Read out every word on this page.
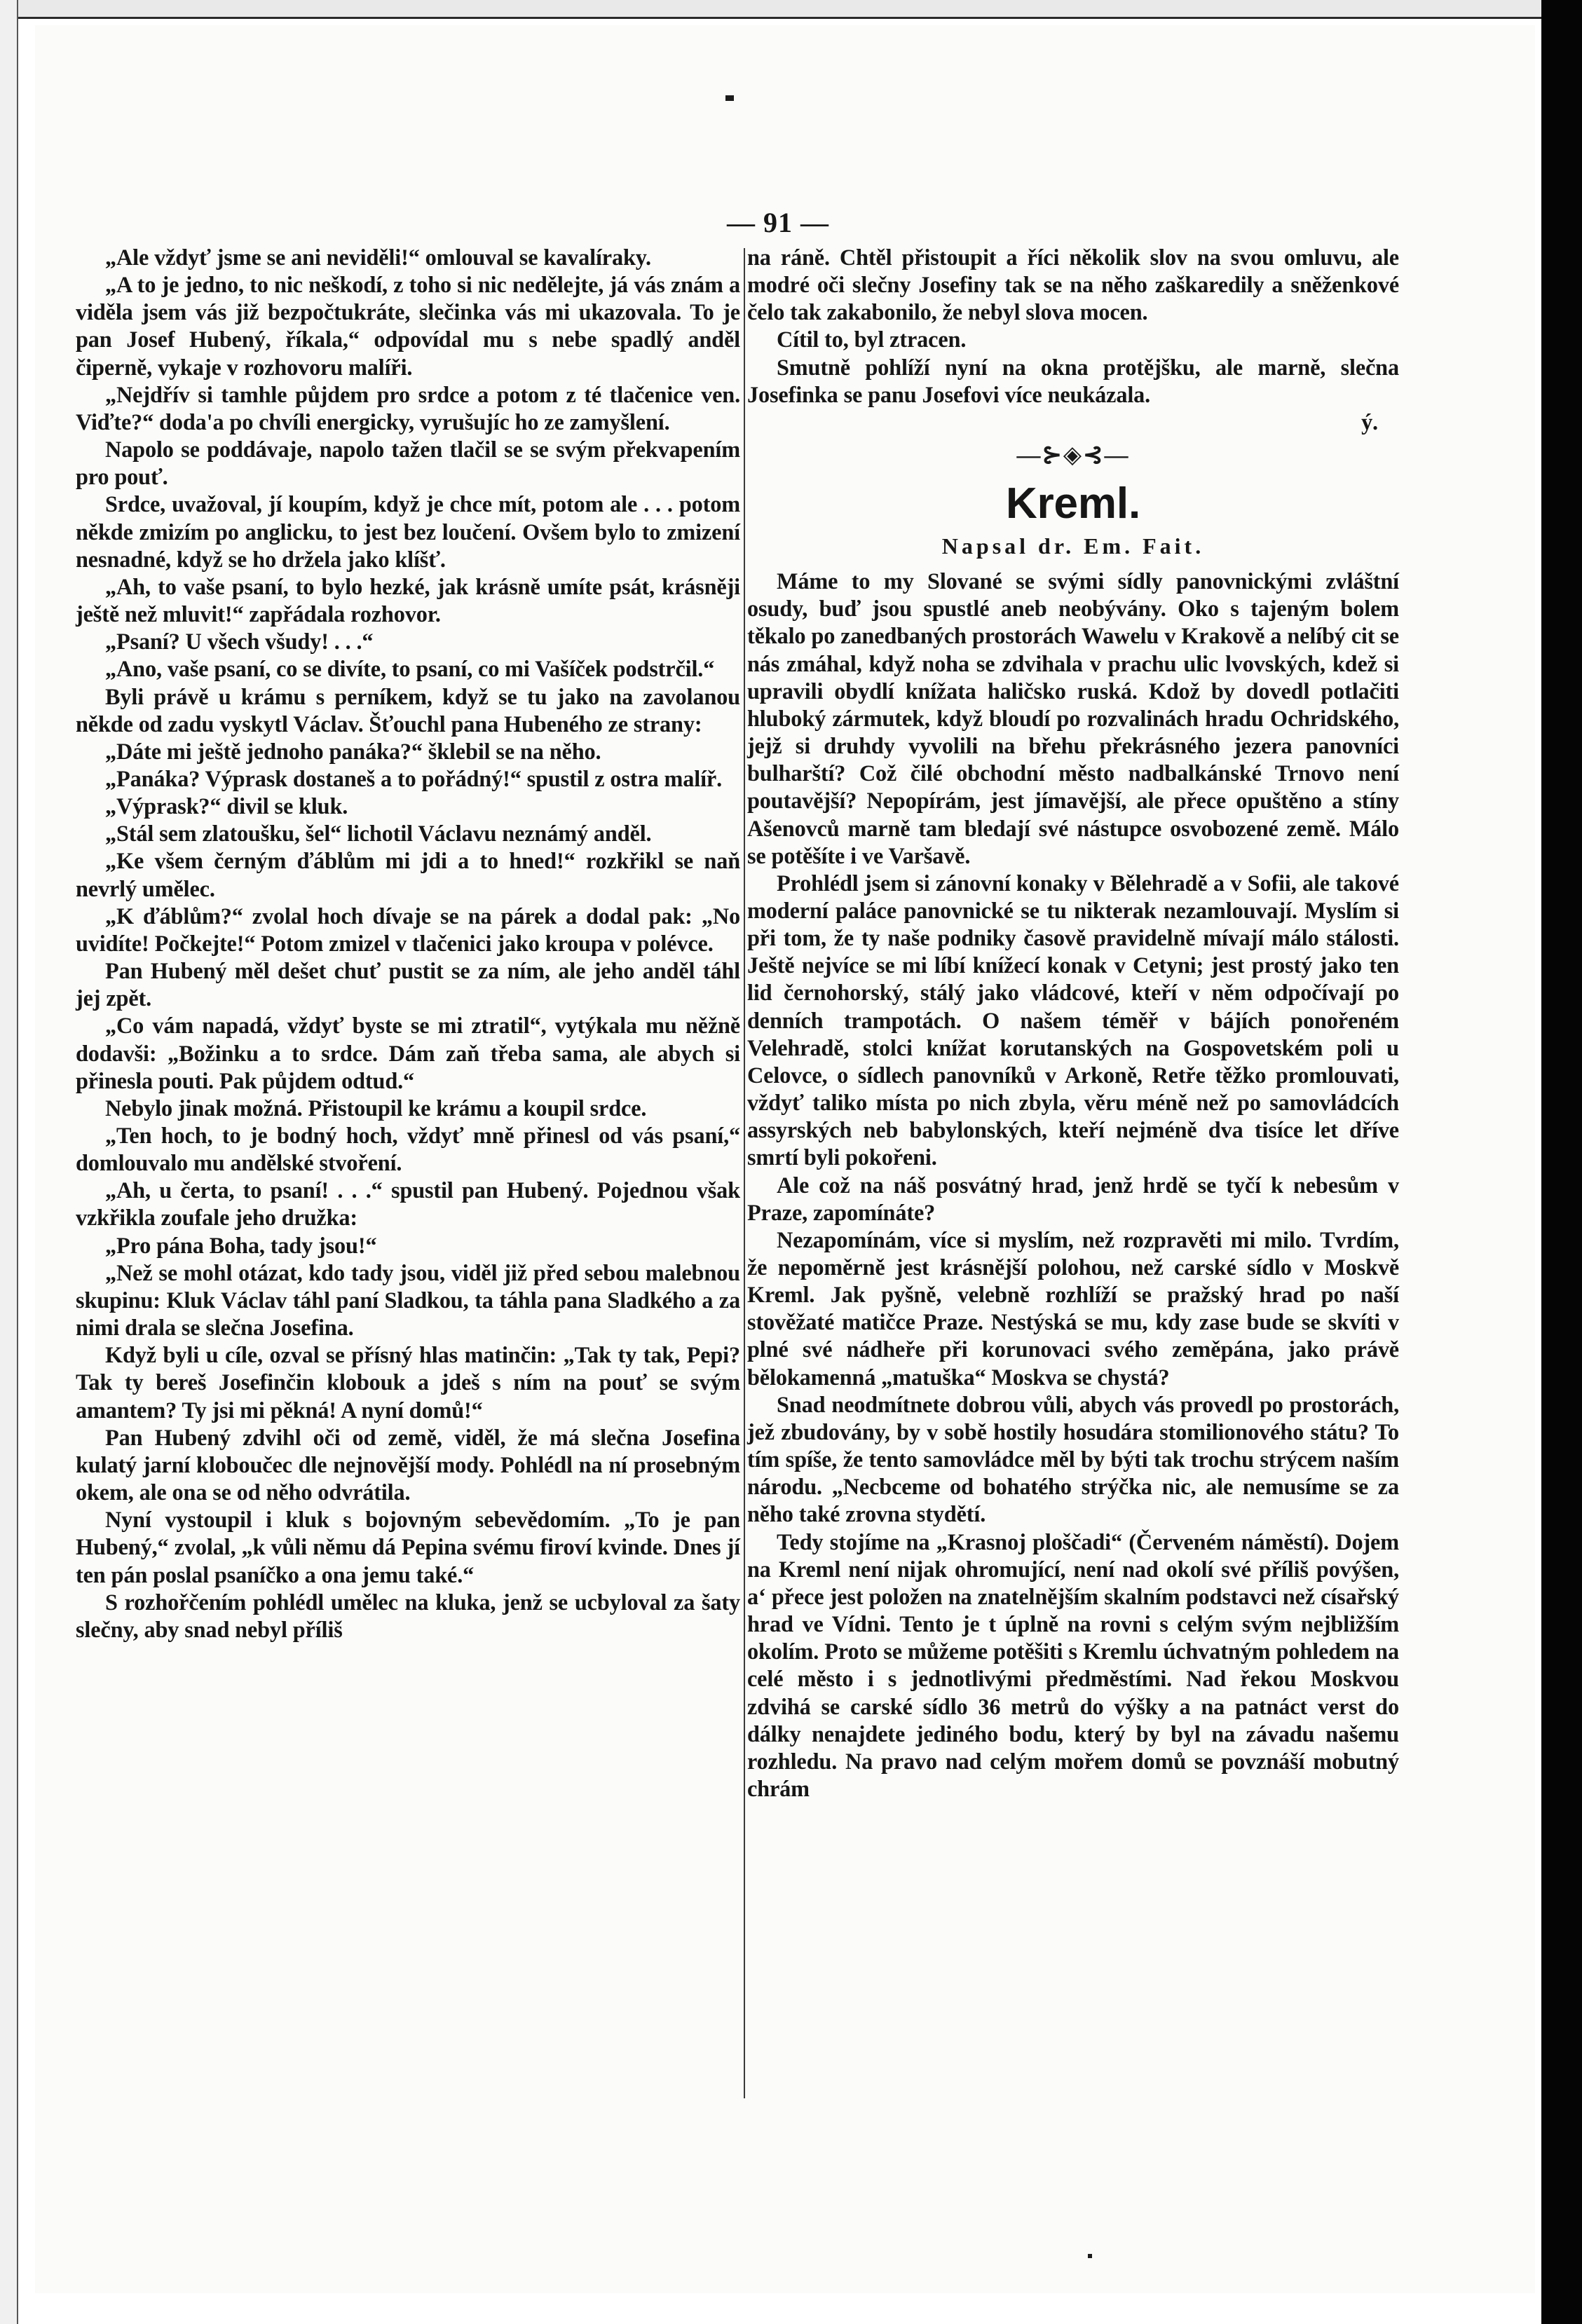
— 91 —

„Ale vždyť jsme se ani neviděli!“ omlouval se kavalíraky.

„A to je jedno, to nic neškodí, z toho si nic nedělejte, já vás znám a viděla jsem vás již bezpočtukráte, slečinka vás mi ukazovala. To je pan Josef Hubený, říkala,“ odpovídal mu s nebe spadlý anděl čiperně, vykaje v rozhovoru malíři.

„Nejdřív si tamhle půjdem pro srdce a potom z té tlačenice ven. Viďte?“ doda'a po chvíli energicky, vyrušujíc ho ze zamyšlení.

Napolo se poddávaje, napolo tažen tlačil se se svým překvapením pro pouť.

Srdce, uvažoval, jí koupím, když je chce mít, potom ale . . . potom někde zmizím po anglicku, to jest bez loučení. Ovšem bylo to zmizení nesnadné, když se ho držela jako klíšť.

„Ah, to vaše psaní, to bylo hezké, jak krásně umíte psát, krásněji ještě než mluvit!“ zapřádala rozhovor.

„Psaní? U všech všudy! . . .“

„Ano, vaše psaní, co se divíte, to psaní, co mi Vašíček podstrčil.“

Byli právě u krámu s perníkem, když se tu jako na zavolanou někde od zadu vyskytl Václav. Šťouchl pana Hubeného ze strany:

„Dáte mi ještě jednoho panáka?“ šklebil se na něho.

„Panáka? Výprask dostaneš a to pořádný!“ spustil z ostra malíř.

„Výprask?“ divil se kluk.

„Stál sem zlatoušku, šel“ lichotil Václavu neznámý anděl.

„Ke všem černým ďáblům mi jdi a to hned!“ rozkřikl se naň nevrlý umělec.

„K ďáblům?“ zvolal hoch dívaje se na párek a dodal pak: „No uvidíte! Počkejte!“ Potom zmizel v tlačenici jako kroupa v polévce.

Pan Hubený měl dešet chuť pustit se za ním, ale jeho anděl táhl jej zpět.

„Co vám napadá, vždyť byste se mi ztratil“, vytýkala mu něžně dodavši: „Božinku a to srdce. Dám zaň třeba sama, ale abych si přinesla pouti. Pak půjdem odtud.“

Nebylo jinak možná. Přistoupil ke krámu a koupil srdce.

„Ten hoch, to je bodný hoch, vždyť mně přinesl od vás psaní,“ domlouvalo mu andělské stvoření.

„Ah, u čerta, to psaní! . . .“ spustil pan Hubený. Pojednou však vzkřikla zoufale jeho družka:

„Pro pána Boha, tady jsou!“

„Než se mohl otázat, kdo tady jsou, viděl již před sebou malebnou skupinu: Kluk Václav táhl paní Sladkou, ta táhla pana Sladkého a za nimi drala se slečna Josefina.

Když byli u cíle, ozval se přísný hlas matinčin: „Tak ty tak, Pepi? Tak ty bereš Josefinčin klobouk a jdeš s ním na pouť se svým amantem? Ty jsi mi pěkná! A nyní domů!“

Pan Hubený zdvihl oči od země, viděl, že má slečna Josefina kulatý jarní kloboučec dle nejnovější mody. Pohlédl na ní prosebným okem, ale ona se od něho odvrátila.

Nyní vystoupil i kluk s bojovným sebevědomím. „To je pan Hubený,“ zvolal, „k vůli němu dá Pepina svému firoví kvinde. Dnes jí ten pán poslal psaníčko a ona jemu také.“

S rozhořčením pohlédl umělec na kluka, jenž se ucbyloval za šaty slečny, aby snad nebyl příliš

na ráně. Chtěl přistoupit a říci několik slov na svou omluvu, ale modré oči slečny Josefiny tak se na něho zaškaredily a sněženkové čelo tak zakabonilo, že nebyl slova mocen.

Cítil to, byl ztracen.

Smutně pohlíží nyní na okna protějšku, ale marně, slečna Josefinka se panu Josefovi více neukázala.

ý.
—⊱◈⊰—
Kreml.
Napsal dr. Em. Fait.

Máme to my Slované se svými sídly panovnickými zvláštní osudy, buď jsou spustlé aneb neobývány. Oko s tajeným bolem těkalo po zanedbaných prostorách Wawelu v Krakově a nelíbý cit se nás zmáhal, když noha se zdvihala v prachu ulic lvovských, kdež si upravili obydlí knížata haličsko ruská. Kdož by dovedl potlačiti hluboký zármutek, když bloudí po rozvalinách hradu Ochridského, jejž si druhdy vyvolili na břehu překrásného jezera panovníci bulharští? Což čilé obchodní město nadbalkánské Trnovo není poutavější? Nepopírám, jest jímavější, ale přece opuštěno a stíny Ašenovců marně tam bledají své nástupce osvobozené země. Málo se potěšíte i ve Varšavě.

Prohlédl jsem si zánovní konaky v Bělehradě a v Sofii, ale takové moderní paláce panovnické se tu nikterak nezamlouvají. Myslím si při tom, že ty naše podniky časově pravidelně mívají málo stálosti. Ještě nejvíce se mi líbí knížecí konak v Cetyni; jest prostý jako ten lid černohorský, stálý jako vládcové, kteří v něm odpočívají po denních trampotách. O našem téměř v bájích ponořeném Velehradě, stolci knížat korutanských na Gospovetském poli u Celovce, o sídlech panovníků v Arkoně, Retře těžko promlouvati, vždyť taliko místa po nich zbyla, věru méně než po samovládcích assyrských neb babylonských, kteří nejméně dva tisíce let dříve smrtí byli pokořeni.

Ale což na náš posvátný hrad, jenž hrdě se tyčí k nebesům v Praze, zapomínáte?

Nezapomínám, více si myslím, než rozpravěti mi milo. Tvrdím, že nepoměrně jest krásnější polohou, než carské sídlo v Moskvě Kreml. Jak pyšně, velebně rozhlíží se pražský hrad po naší stověžaté matičce Praze. Nestýská se mu, kdy zase bude se skvíti v plné své nádheře při korunovaci svého zeměpána, jako právě bělokamenná „matuška“ Moskva se chystá?

Snad neodmítnete dobrou vůli, abych vás provedl po prostorách, jež zbudovány, by v sobě hostily hosudára stomilionového státu? To tím spíše, že tento samovládce měl by býti tak trochu strýcem naším národu. „Necbceme od bohatého strýčka nic, ale nemusíme se za něho také zrovna stydětí.

Tedy stojíme na „Krasnoj ploščadi“ (Červeném náměstí). Dojem na Kreml není nijak ohromující, není nad okolí své příliš povýšen, a‘ přece jest položen na znatelnějším skalním podstavci než císařský hrad ve Vídni. Tento je t úplně na rovni s celým svým nejbližším okolím. Proto se můžeme potěšiti s Kremlu úchvatným pohledem na celé město i s jednotlivými předměstími. Nad řekou Moskvou zdvihá se carské sídlo 36 metrů do výšky a na patnáct verst do dálky nenajdete jediného bodu, který by byl na závadu našemu rozhledu. Na pravo nad celým mořem domů se povznáší mobutný chrám
